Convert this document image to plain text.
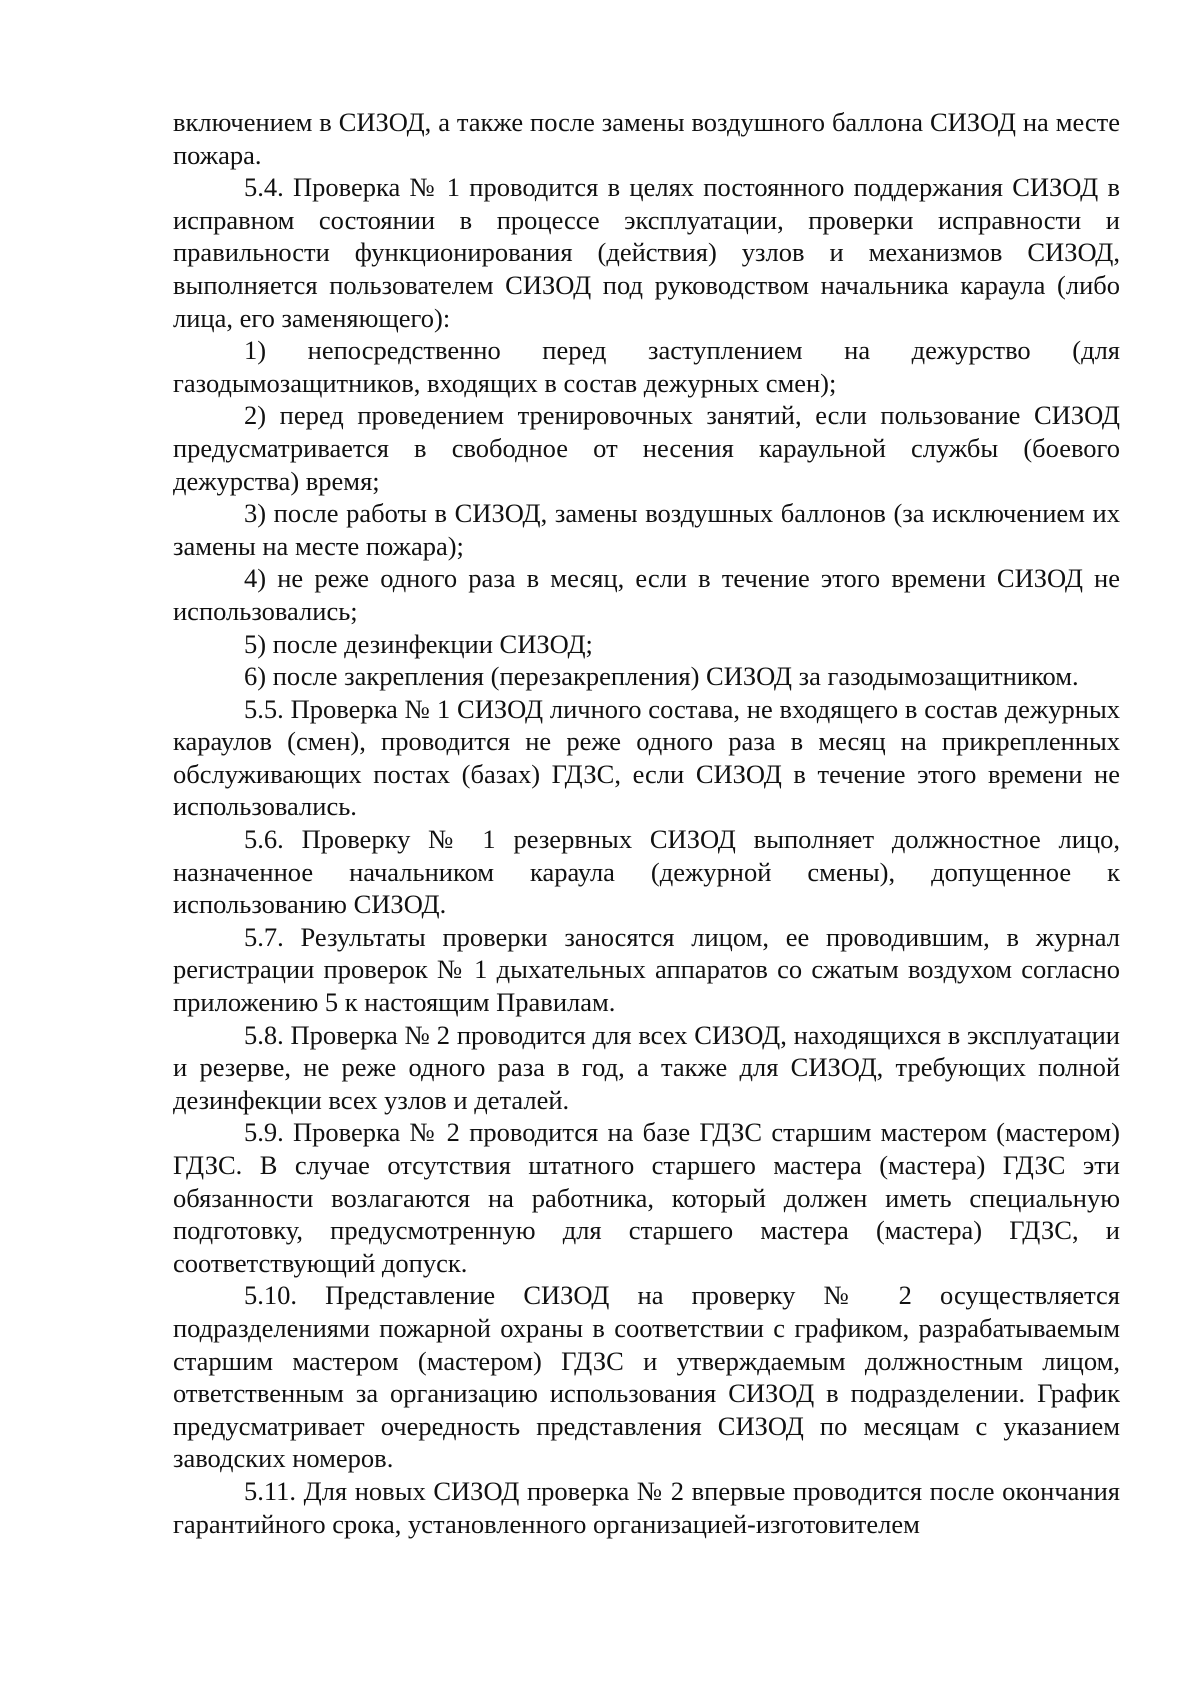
включением в СИЗОД, а также после замены воздушного баллона СИЗОД на месте пожара.

5.4. Проверка № 1 проводится в целях постоянного поддержания СИЗОД в исправном состоянии в процессе эксплуатации, проверки исправности и правильности функционирования (действия) узлов и механизмов СИЗОД, выполняется пользователем СИЗОД под руководством начальника караула (либо лица, его заменяющего):

1) непосредственно перед заступлением на дежурство (для газодымозащитников, входящих в состав дежурных смен);

2) перед проведением тренировочных занятий, если пользование СИЗОД предусматривается в свободное от несения караульной службы (боевого дежурства) время;

3) после работы в СИЗОД, замены воздушных баллонов (за исключением их замены на месте пожара);

4) не реже одного раза в месяц, если в течение этого времени СИЗОД не использовались;

5) после дезинфекции СИЗОД;

6) после закрепления (перезакрепления) СИЗОД за газодымозащитником.

5.5. Проверка № 1 СИЗОД личного состава, не входящего в состав дежурных караулов (смен), проводится не реже одного раза в месяц на прикрепленных обслуживающих постах (базах) ГДЗС, если СИЗОД в течение этого времени не использовались.

5.6. Проверку № 1 резервных СИЗОД выполняет должностное лицо, назначенное начальником караула (дежурной смены), допущенное к использованию СИЗОД.

5.7. Результаты проверки заносятся лицом, ее проводившим, в журнал регистрации проверок № 1 дыхательных аппаратов со сжатым воздухом согласно приложению 5 к настоящим Правилам.

5.8. Проверка № 2 проводится для всех СИЗОД, находящихся в эксплуатации и резерве, не реже одного раза в год, а также для СИЗОД, требующих полной дезинфекции всех узлов и деталей.

5.9. Проверка № 2 проводится на базе ГДЗС старшим мастером (мастером) ГДЗС. В случае отсутствия штатного старшего мастера (мастера) ГДЗС эти обязанности возлагаются на работника, который должен иметь специальную подготовку, предусмотренную для старшего мастера (мастера) ГДЗС, и соответствующий допуск.

5.10. Представление СИЗОД на проверку № 2 осуществляется подразделениями пожарной охраны в соответствии с графиком, разрабатываемым старшим мастером (мастером) ГДЗС и утверждаемым должностным лицом, ответственным за организацию использования СИЗОД в подразделении. График предусматривает очередность представления СИЗОД по месяцам с указанием заводских номеров.

5.11. Для новых СИЗОД проверка № 2 впервые проводится после окончания гарантийного срока, установленного организацией-изготовителем
